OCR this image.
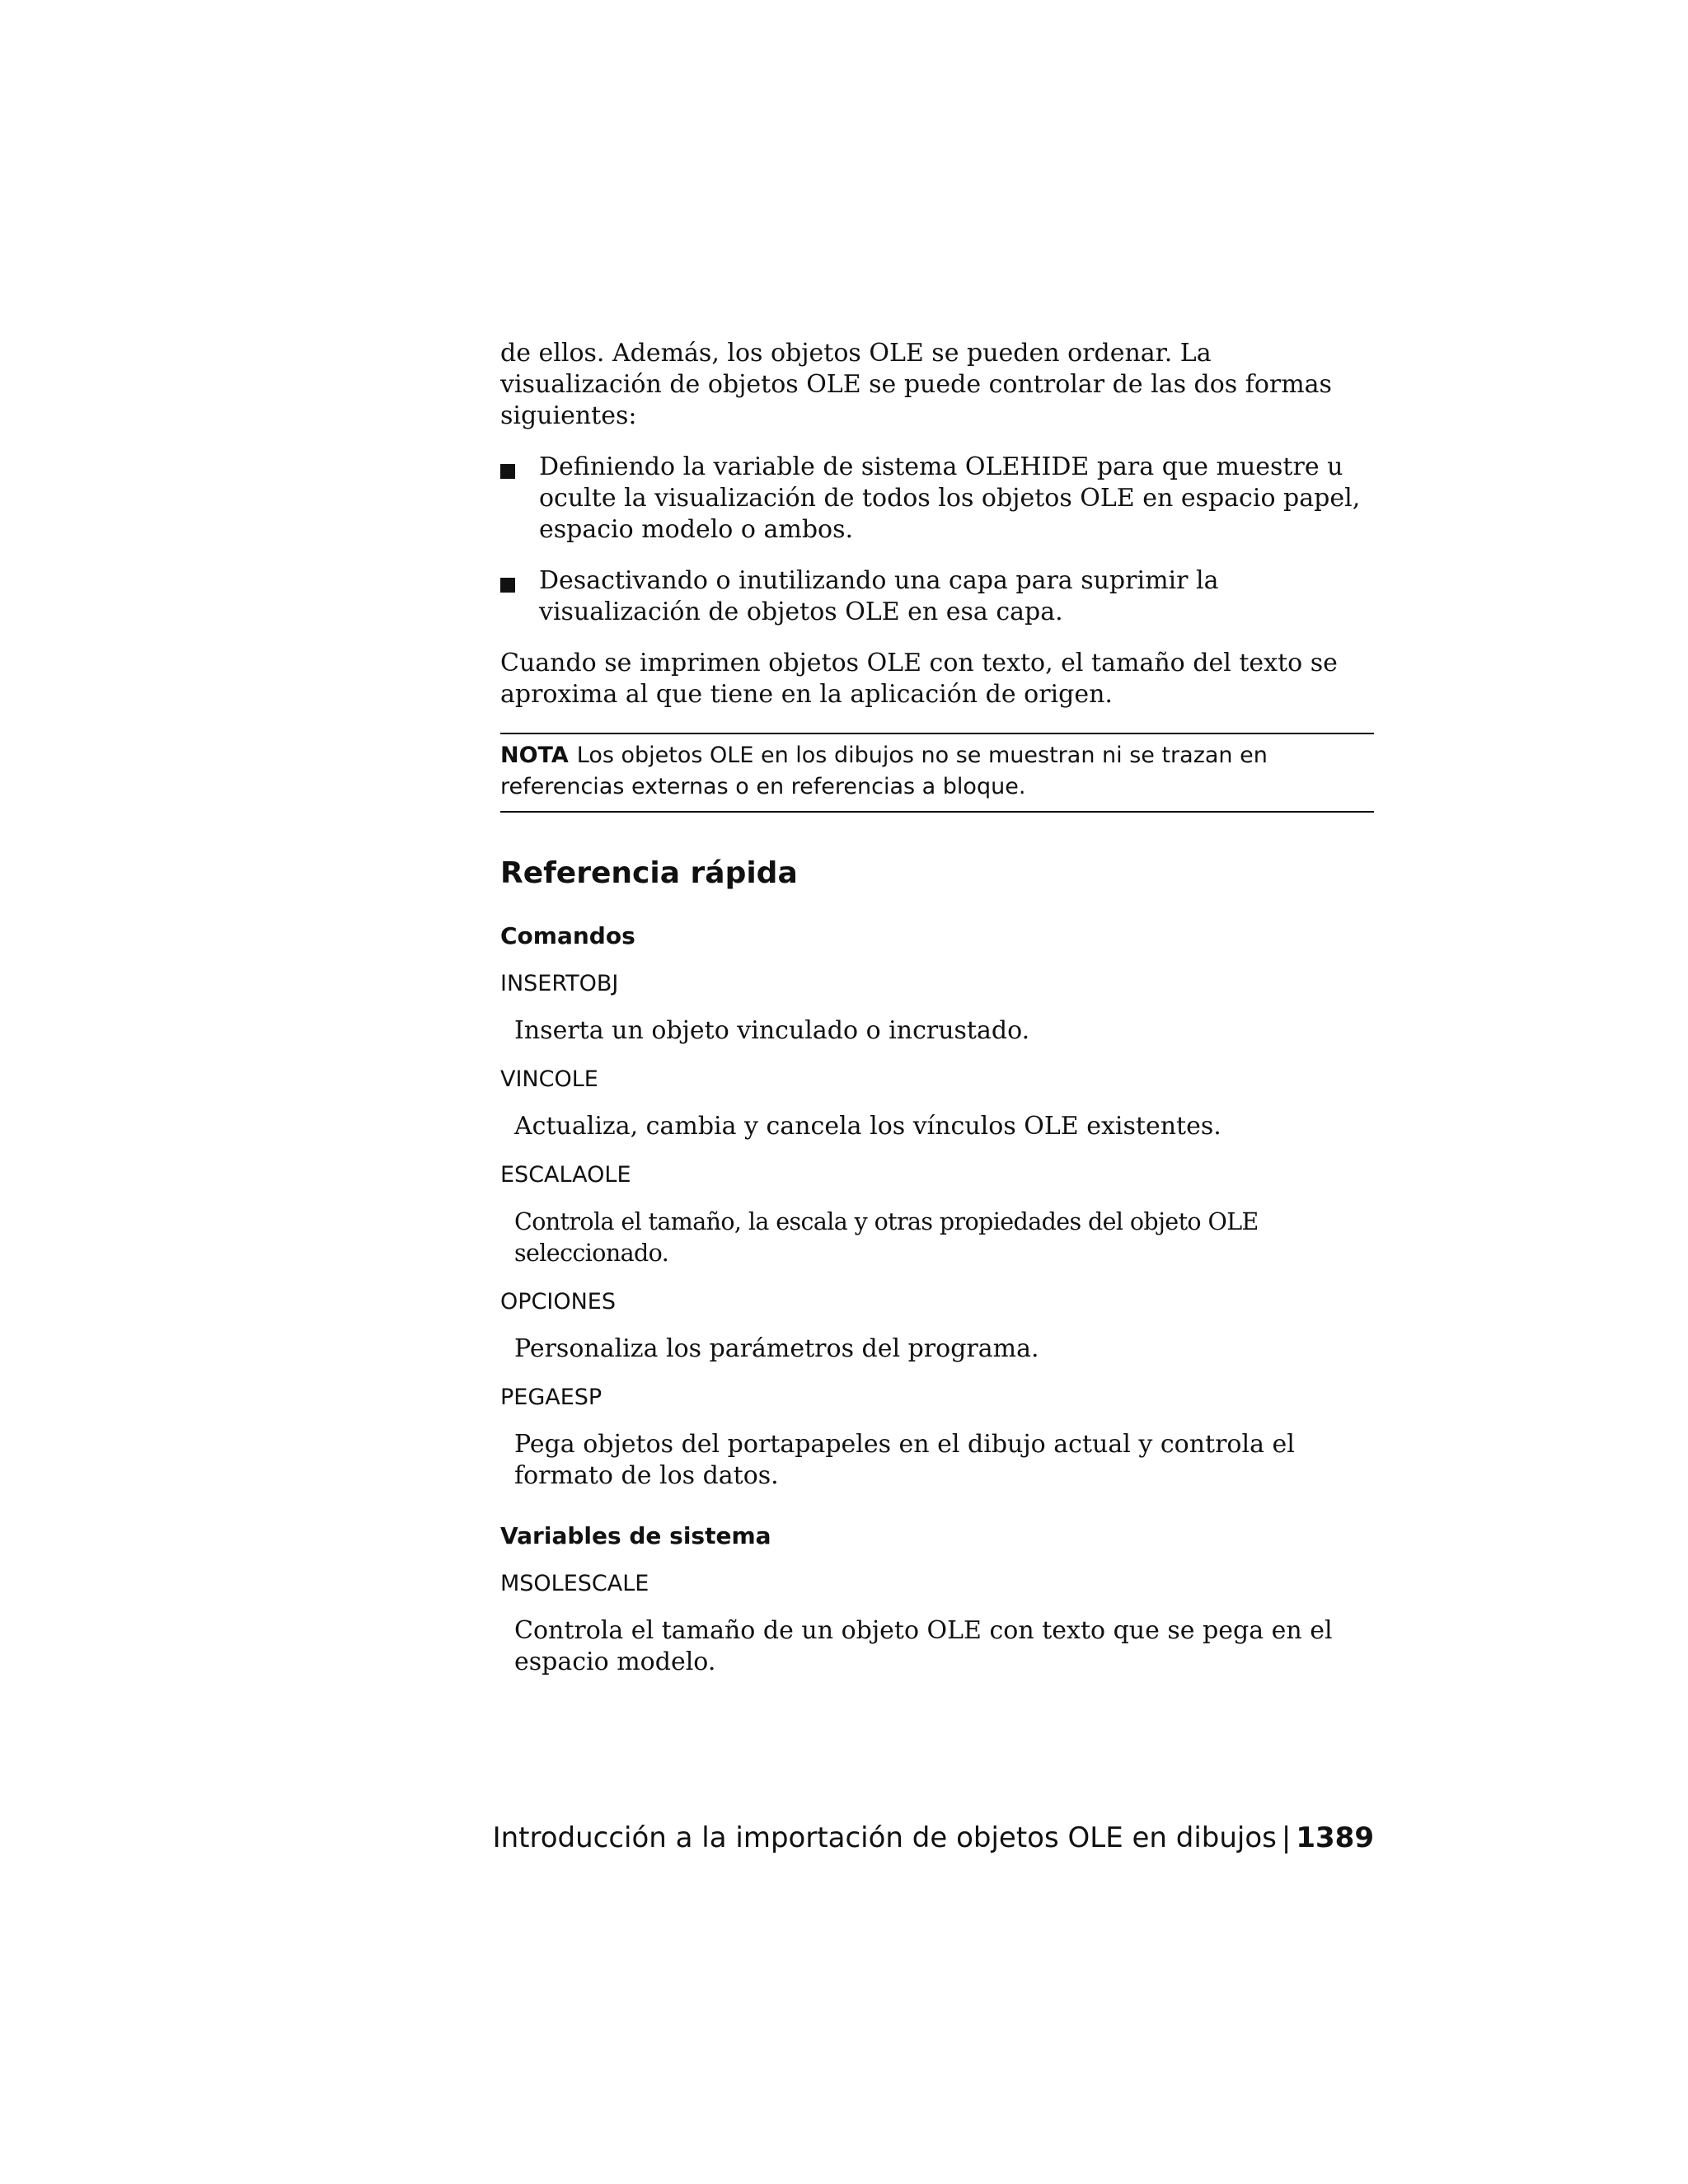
de ellos. Además, los objetos OLE se pueden ordenar. La visualización de objetos OLE se puede controlar de las dos formas siguientes:

Definiendo la variable de sistema OLEHIDE para que muestre u oculte la visualización de todos los objetos OLE en espacio papel, espacio modelo o ambos.
Desactivando o inutilizando una capa para suprimir la visualización de objetos OLE en esa capa.

Cuando se imprimen objetos OLE con texto, el tamaño del texto se aproxima al que tiene en la aplicación de origen.

NOTA Los objetos OLE en los dibujos no se muestran ni se trazan en referencias externas o en referencias a bloque.
Referencia rápida
Comandos
INSERTOBJ
Inserta un objeto vinculado o incrustado.
VINCOLE
Actualiza, cambia y cancela los vínculos OLE existentes.
ESCALAOLE
Controla el tamaño, la escala y otras propiedades del objeto OLE seleccionado.
OPCIONES
Personaliza los parámetros del programa.
PEGAESP
Pega objetos del portapapeles en el dibujo actual y controla el formato de los datos.
Variables de sistema
MSOLESCALE
Controla el tamaño de un objeto OLE con texto que se pega en el espacio modelo.
Introducción a la importación de objetos OLE en dibujos | 1389
